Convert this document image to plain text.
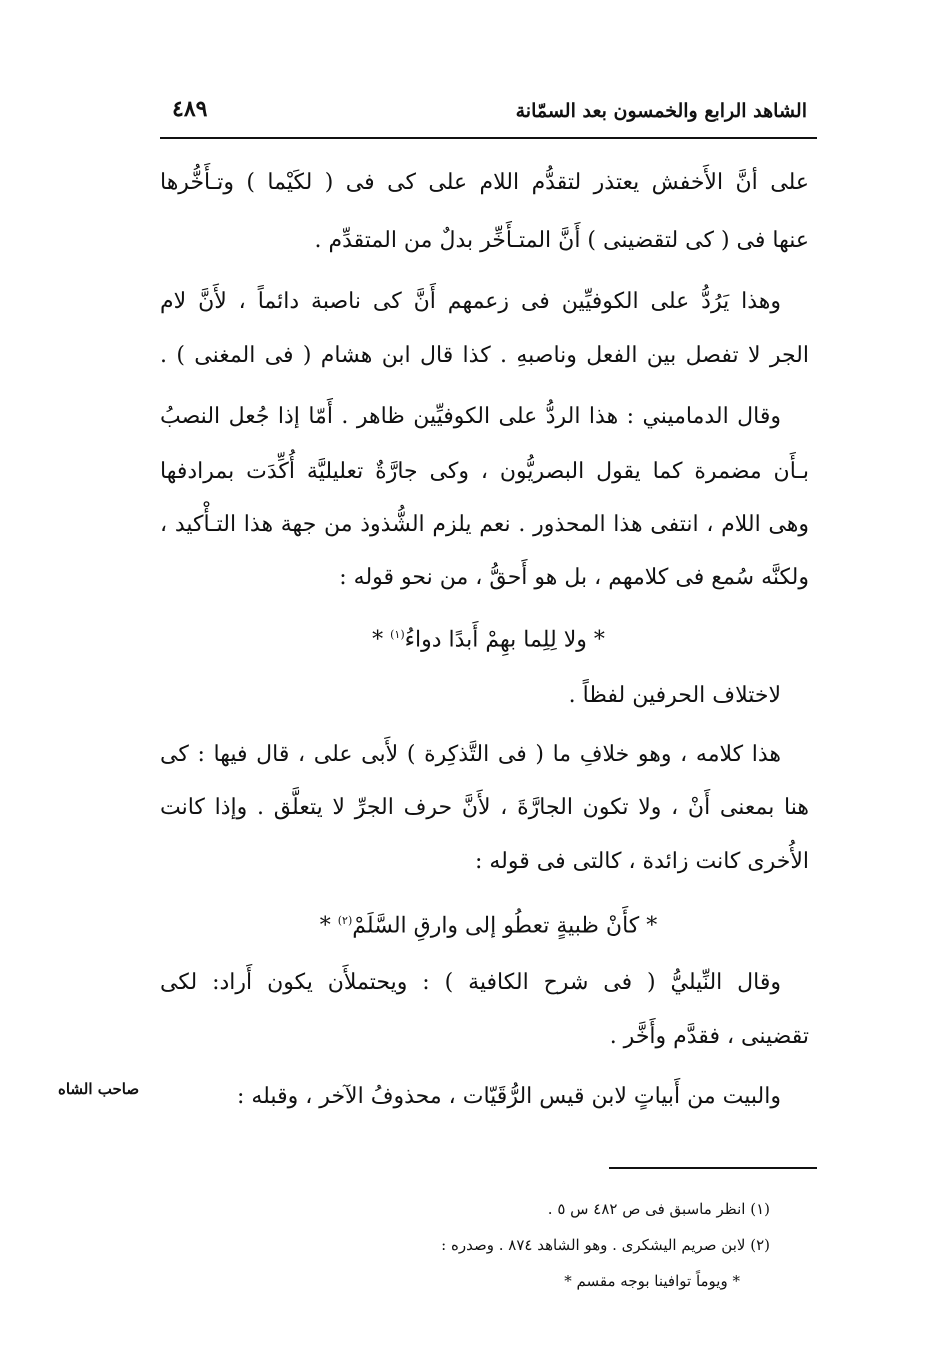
الشاهد الرابع والخمسون بعد السمّانة
٤٨٩
على أنَّ الأَخفش يعتذر لتقدُّم اللام على كى فى ( لكَيْما ) وتـأَخُّرها
عنها فى ( كى لتقضينى ) أَنَّ المتـأَخِّر بدلٌ من المتقدِّم .
وهذا يَرُدُّ على الكوفيِّين فى زعمهم أَنَّ كى ناصبة دائماً ، لأَنَّ لام
الجر لا تفصل بين الفعل وناصبهِ . كذا قال ابن هشام ( فى المغنى ) .
وقال الدماميني : هذا الردُّ على الكوفيِّين ظاهر . أَمّا إذا جُعل النصبُ
بـأَن مضمرة كما يقول البصريُّون ، وكى جارَّةٌ تعليليَّة أُكِّدَت بمرادفها
وهى اللام ، انتفى هذا المحذور . نعم يلزم الشُّذوذ من جهة هذا التـأْكيد ،
ولكنَّه سُمع فى كلامهم ، بل هو أَحقُّ ، من نحو قوله :
* ولا لِلِما بهِمْ أَبدًا دواءُ$^{(١)}$ *
لاختلاف الحرفين لفظاً .
هذا كلامه ، وهو خلافِ ما ( فى التَّذكِرة ) لأَبى على ، قال فيها : كى
هنا بمعنى أَنْ ، ولا تكون الجارَّةَ ، لأَنَّ حرف الجرِّ لا يتعلَّق . وإذا كانت
الأُخرى كانت زائدة ، كالتى فى قوله :
* كأَنْ ظبيةٍ تعطُو إلى وارقِ السَّلَمْ$^{(٢)}$ *
وقال النِّيليُّ ( فى شرح الكافية ) : ويحتملأَن يكون أَراد: لكى
تقضينى ، فقدَّم وأَخَّر .
والبيت من أَبياتٍ لابن قيس الرُّقَيّات ، محذوفُ الآخر ، وقبله :
صاحب الشاه
(١) انظر ماسبق فى ص ٤٨٢ س ٥ .
(٢) لابن صريم اليشكرى . وهو الشاهد ٨٧٤ . وصدره :
* ويوماً توافينا بوجه مقسم *
